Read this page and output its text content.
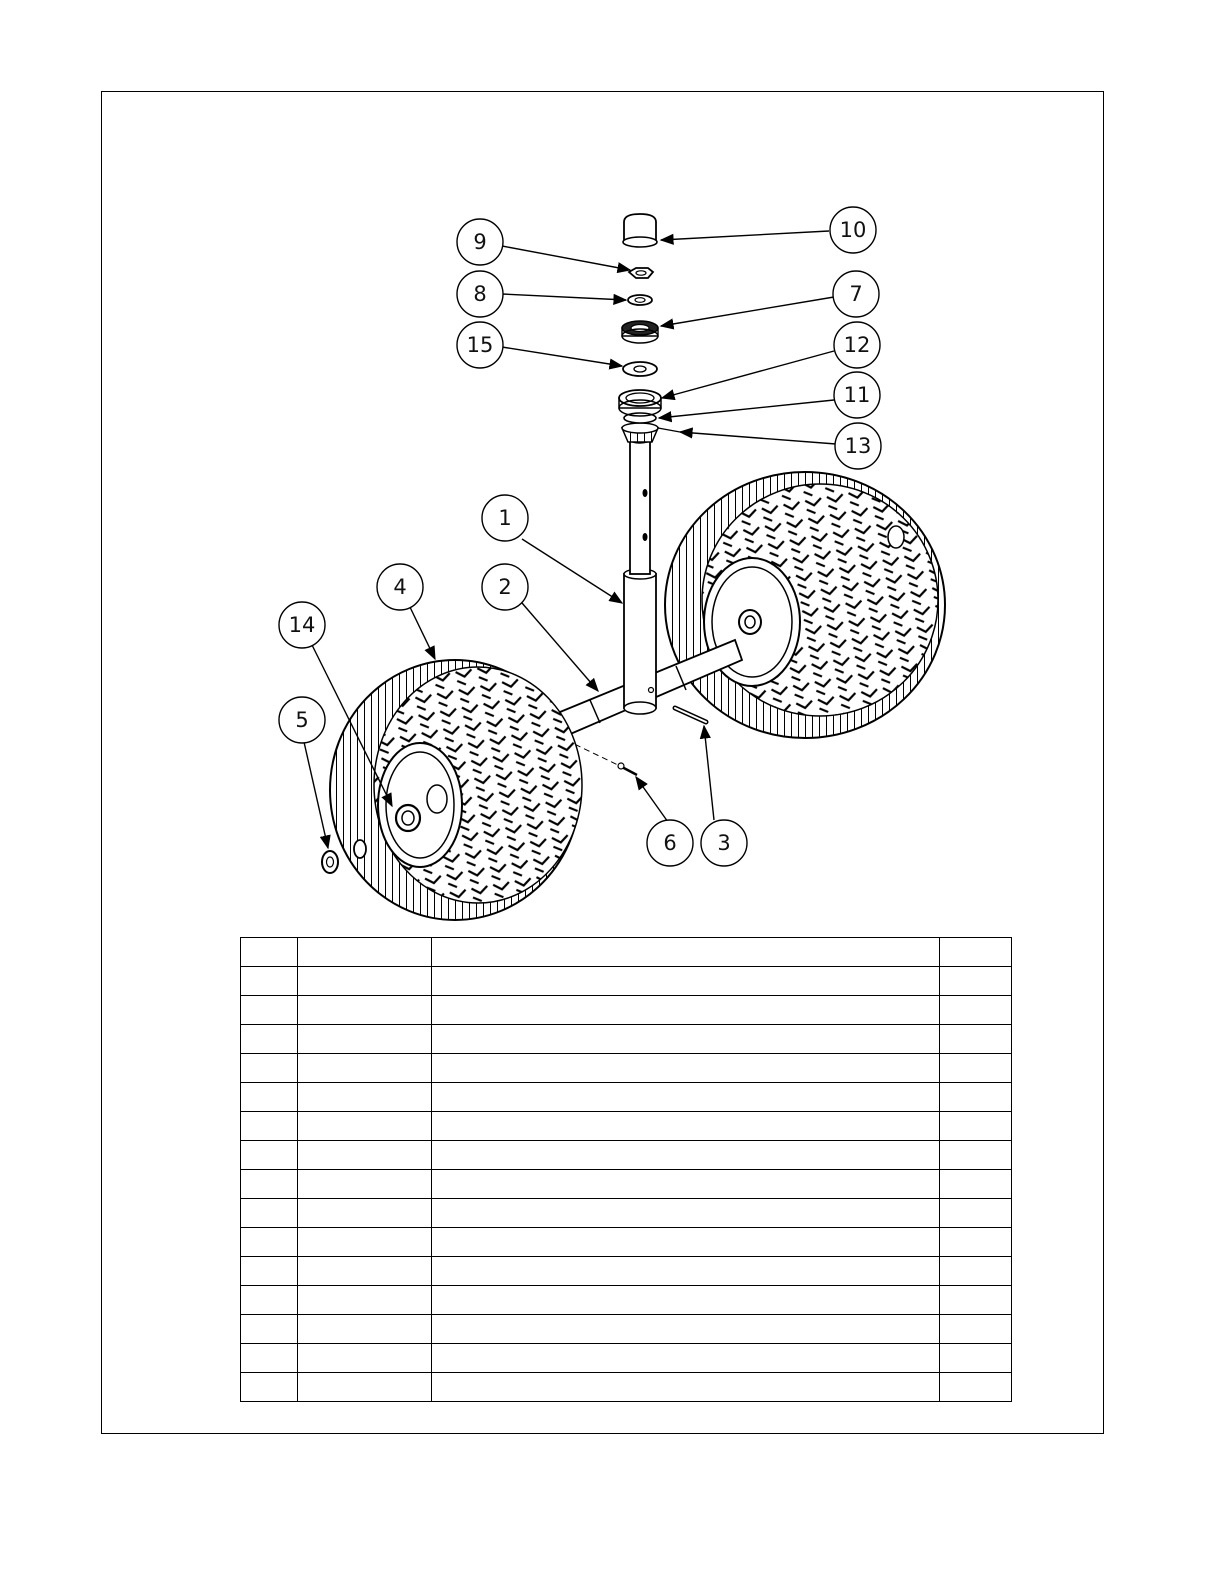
10
9
8	7
15	12
11
13
1
4	2
14
5
6 3
